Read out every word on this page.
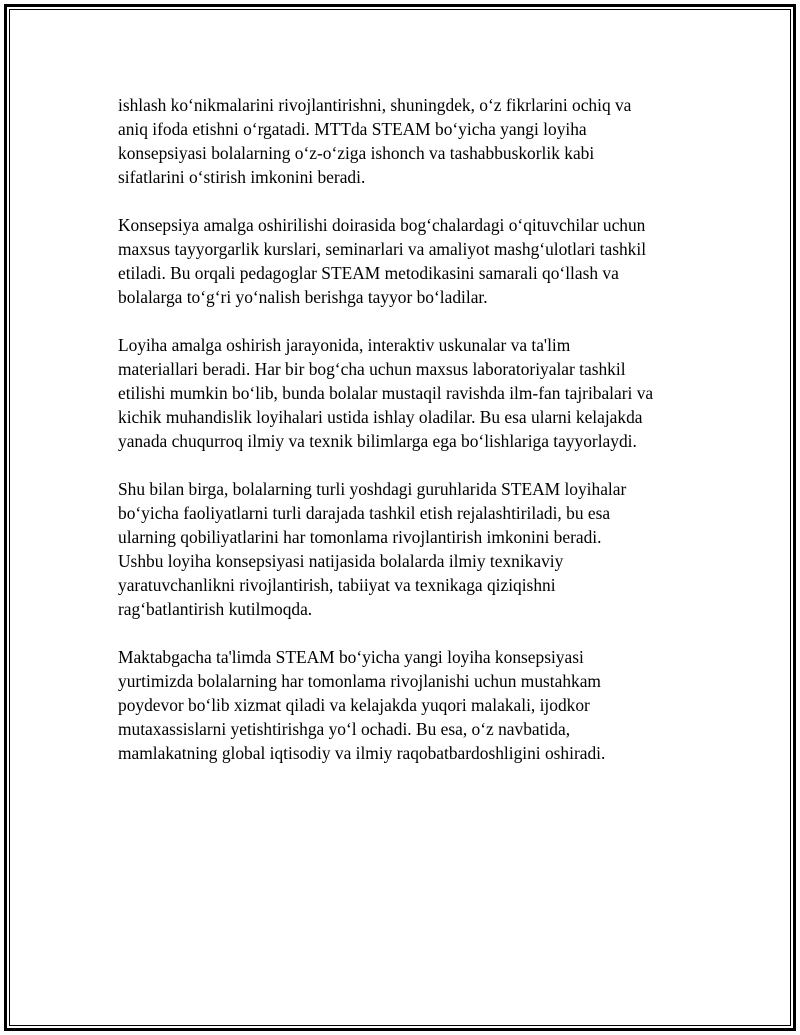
ishlash ko‘nikmalarini rivojlantirishni, shuningdek, o‘z fikrlarini ochiq va
aniq ifoda etishni o‘rgatadi. MTTda STEAM bo‘yicha yangi loyiha
konsepsiyasi bolalarning o‘z-o‘ziga ishonch va tashabbuskorlik kabi
sifatlarini o‘stirish imkonini beradi.

Konsepsiya amalga oshirilishi doirasida bog‘chalardagi o‘qituvchilar uchun
maxsus tayyorgarlik kurslari, seminarlari va amaliyot mashg‘ulotlari tashkil
etiladi. Bu orqali pedagoglar STEAM metodikasini samarali qo‘llash va
bolalarga to‘g‘ri yo‘nalish berishga tayyor bo‘ladilar.

Loyiha amalga oshirish jarayonida, interaktiv uskunalar va ta'lim
materiallari beradi. Har bir bog‘cha uchun maxsus laboratoriyalar tashkil
etilishi mumkin bo‘lib, bunda bolalar mustaqil ravishda ilm-fan tajribalari va
kichik muhandislik loyihalari ustida ishlay oladilar. Bu esa ularni kelajakda
yanada chuqurroq ilmiy va texnik bilimlarga ega bo‘lishlariga tayyorlaydi.

Shu bilan birga, bolalarning turli yoshdagi guruhlarida STEAM loyihalar
bo‘yicha faoliyatlarni turli darajada tashkil etish rejalashtiriladi, bu esa
ularning qobiliyatlarini har tomonlama rivojlantirish imkonini beradi.
Ushbu loyiha konsepsiyasi natijasida bolalarda ilmiy texnikaviy
yaratuvchanlikni rivojlantirish, tabiiyat va texnikaga qiziqishni
rag‘batlantirish kutilmoqda.

Maktabgacha ta'limda STEAM bo‘yicha yangi loyiha konsepsiyasi
yurtimizda bolalarning har tomonlama rivojlanishi uchun mustahkam
poydevor bo‘lib xizmat qiladi va kelajakda yuqori malakali, ijodkor
mutaxassislarni yetishtirishga yo‘l ochadi. Bu esa, o‘z navbatida,
mamlakatning global iqtisodiy va ilmiy raqobatbardoshligini oshiradi.
